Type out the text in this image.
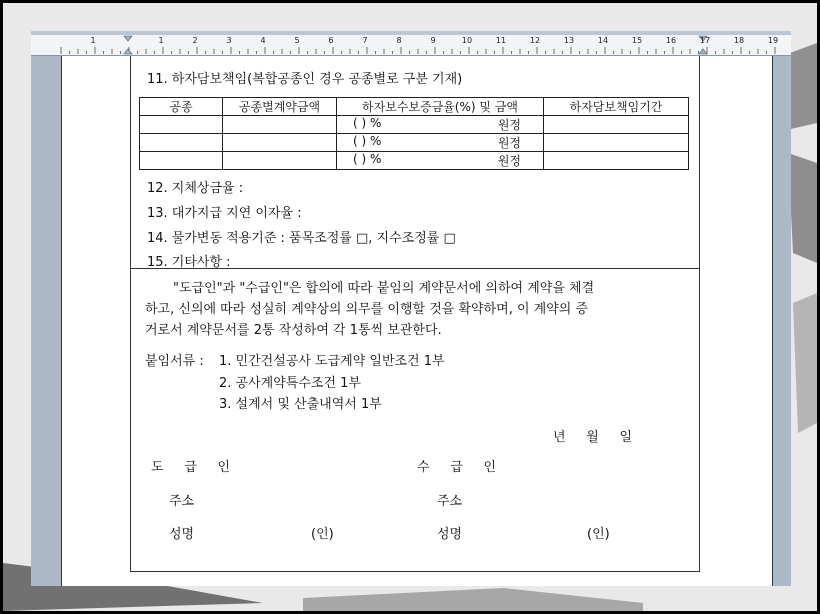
1	1	2	3	4	5	6	7	8	9	10	11	12	13	14	15	16	17	18	19
11. 하자담보책임(복합공종인 경우 공종별로 구분 기재)
공종	공종별계약금액	하자보수보증금율(%) 및 금액	하자담보책임기간
		( ) % 원정	

		( ) % 원정	

		( ) % 원정	

12. 지체상금율 :
13. 대가지급 지연 이자율 :
14. 물가변동 적용기준 : 품목조정률 □, 지수조정률 □
15. 기타사항 :
"도급인"과 "수급인"은 합의에 따라 붙임의 계약문서에 의하여 계약을 체결
하고, 신의에 따라 성실히 계약상의 의무를 이행할 것을 확약하며, 이 계약의 증
거로서 계약문서를 2통 작성하여 각 1통씩 보관한다.
붙임서류 : 1. 민간건설공사 도급계약 일반조건 1부
2. 공사계약특수조건 1부
3. 설계서 및 산출내역서 1부
년     월     일
도     급     인	수     급     인
주소	주소
성명	(인)	성명	(인)
